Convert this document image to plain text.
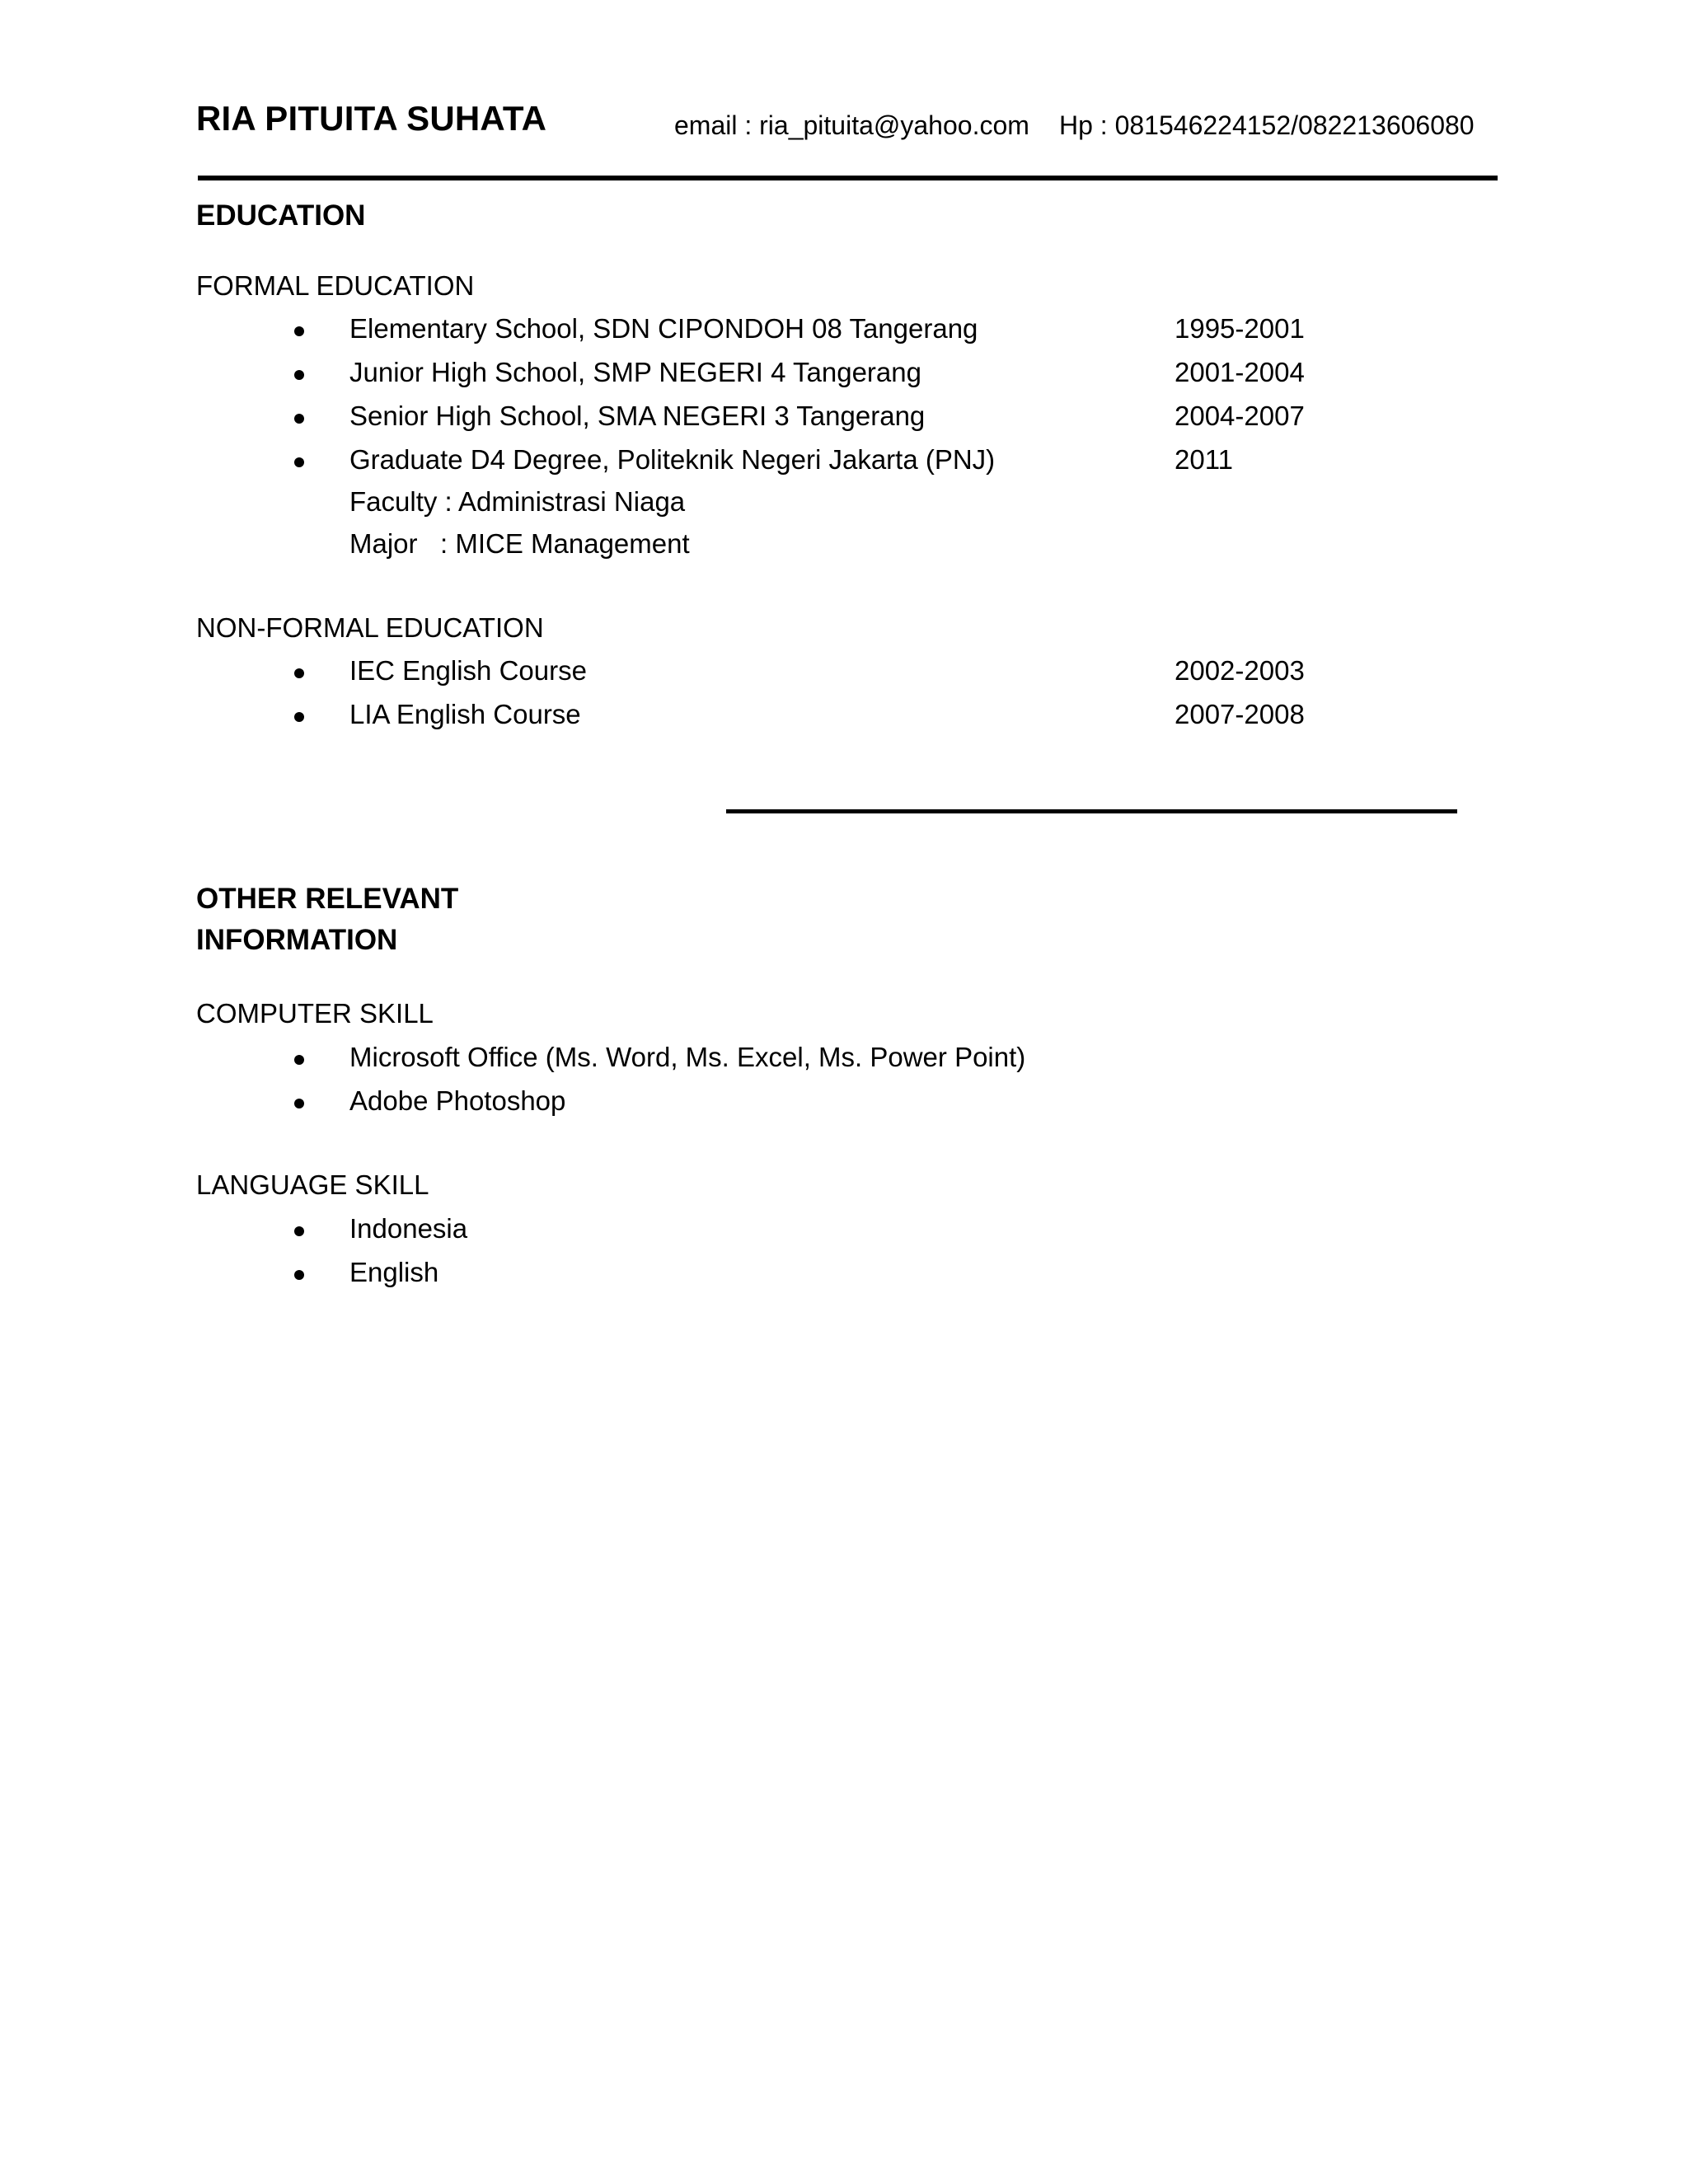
RIA PITUITA SUHATA	email : ria_pituita@yahoo.com Hp : 081546224152/082213606080
EDUCATION
FORMAL EDUCATION
Elementary School, SDN CIPONDOH 08 Tangerang	1995-2001
Junior High School, SMP NEGERI 4 Tangerang	2001-2004
Senior High School, SMA NEGERI 3 Tangerang	2004-2007
Graduate D4 Degree, Politeknik Negeri Jakarta (PNJ)	2011
Faculty : Administrasi Niaga
Major   : MICE Management
NON-FORMAL EDUCATION
IEC English Course	2002-2003
LIA English Course	2007-2008
OTHER RELEVANT
INFORMATION
COMPUTER SKILL
Microsoft Office (Ms. Word, Ms. Excel, Ms. Power Point)
Adobe Photoshop
LANGUAGE SKILL
Indonesia
English
